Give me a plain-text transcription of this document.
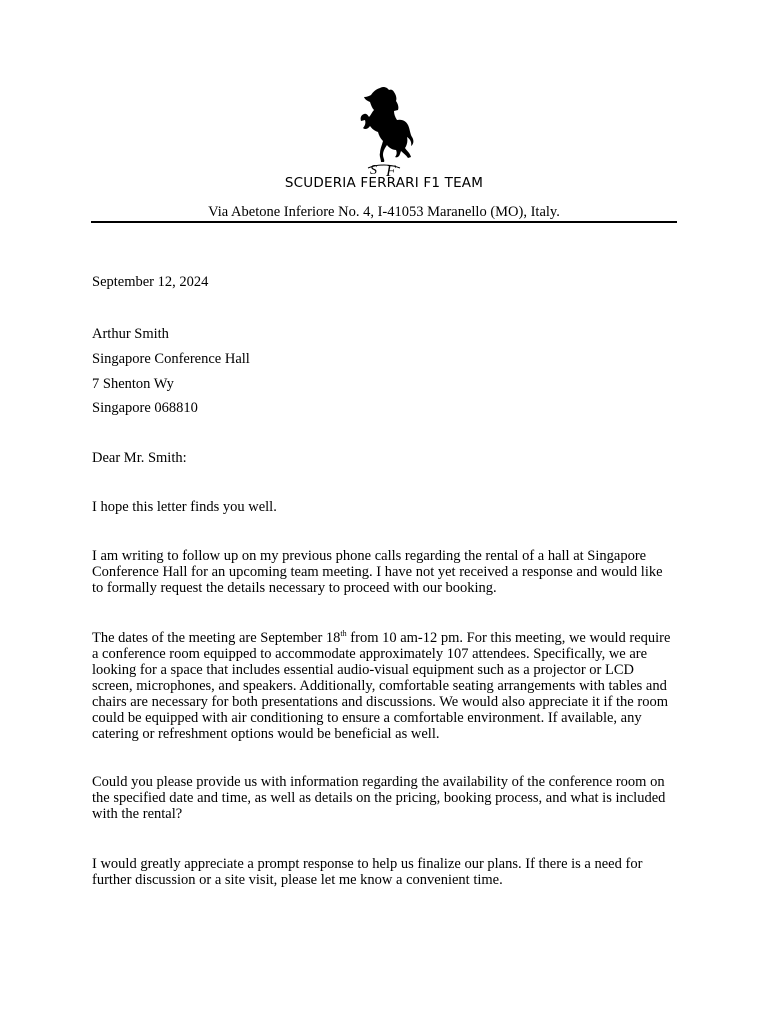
S F
SCUDERIA FERRARI F1 TEAM
Via Abetone Inferiore No. 4, I-41053 Maranello (MO), Italy.
September 12, 2024
Arthur Smith
Singapore Conference Hall
7 Shenton Wy
Singapore 068810
Dear Mr. Smith:
I hope this letter finds you well.
I am writing to follow up on my previous phone calls regarding the rental of a hall at Singapore Conference Hall for an upcoming team meeting. I have not yet received a response and would like to formally request the details necessary to proceed with our booking.
The dates of the meeting are September 18th from 10 am-12 pm. For this meeting, we would require a conference room equipped to accommodate approximately 107 attendees. Specifically, we are looking for a space that includes essential audio-visual equipment such as a projector or LCD screen, microphones, and speakers. Additionally, comfortable seating arrangements with tables and chairs are necessary for both presentations and discussions. We would also appreciate it if the room could be equipped with air conditioning to ensure a comfortable environment. If available, any catering or refreshment options would be beneficial as well.
Could you please provide us with information regarding the availability of the conference room on the specified date and time, as well as details on the pricing, booking process, and what is included with the rental?
I would greatly appreciate a prompt response to help us finalize our plans. If there is a need for further discussion or a site visit, please let me know a convenient time.
